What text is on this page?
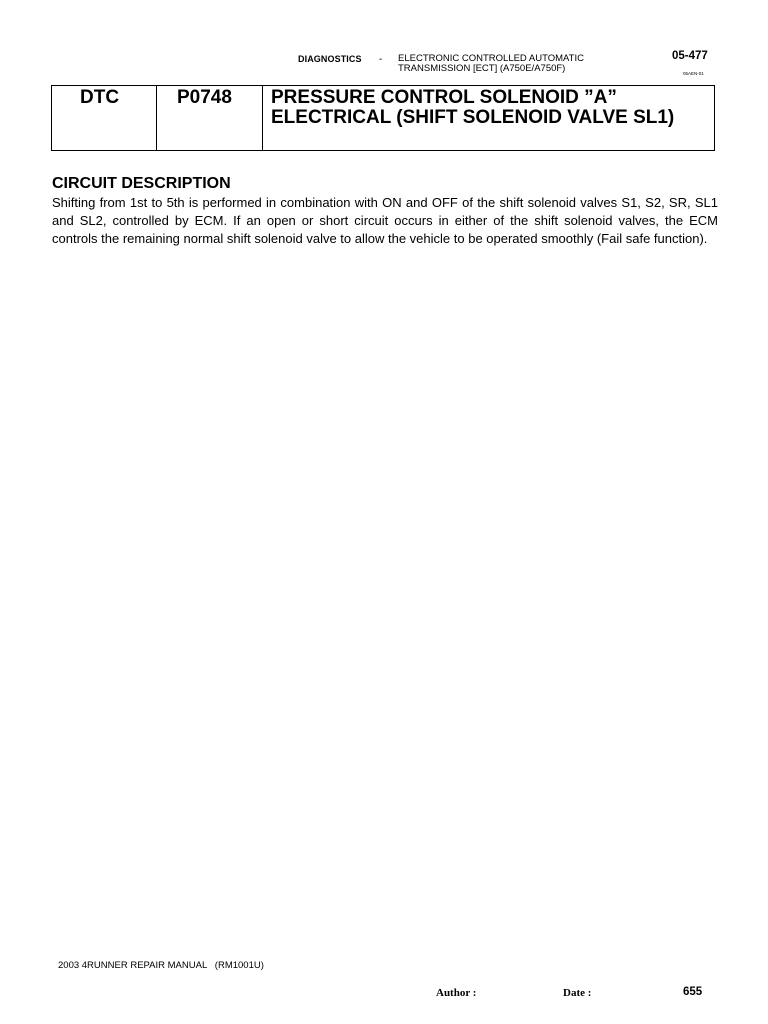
DIAGNOSTICS - ELECTRONIC CONTROLLED AUTOMATIC
TRANSMISSION [ECT] (A750E/A750F)
05-477
05AEN-01
DTC	P0748 PRESSURE CONTROL SOLENOID ”A” ELECTRICAL (SHIFT SOLENOID VALVE SL1)
CIRCUIT DESCRIPTION
Shifting from 1st to 5th is performed in combination with ON and OFF of the shift solenoid valves S1, S2, SR, SL1 and SL2, controlled by ECM. If an open or short circuit occurs in either of the shift solenoid valves, the ECM controls the remaining normal shift solenoid valve to allow the vehicle to be operated smoothly (Fail safe function).
2003 4RUNNER REPAIR MANUAL   (RM1001U)
Author :	Date :	655
